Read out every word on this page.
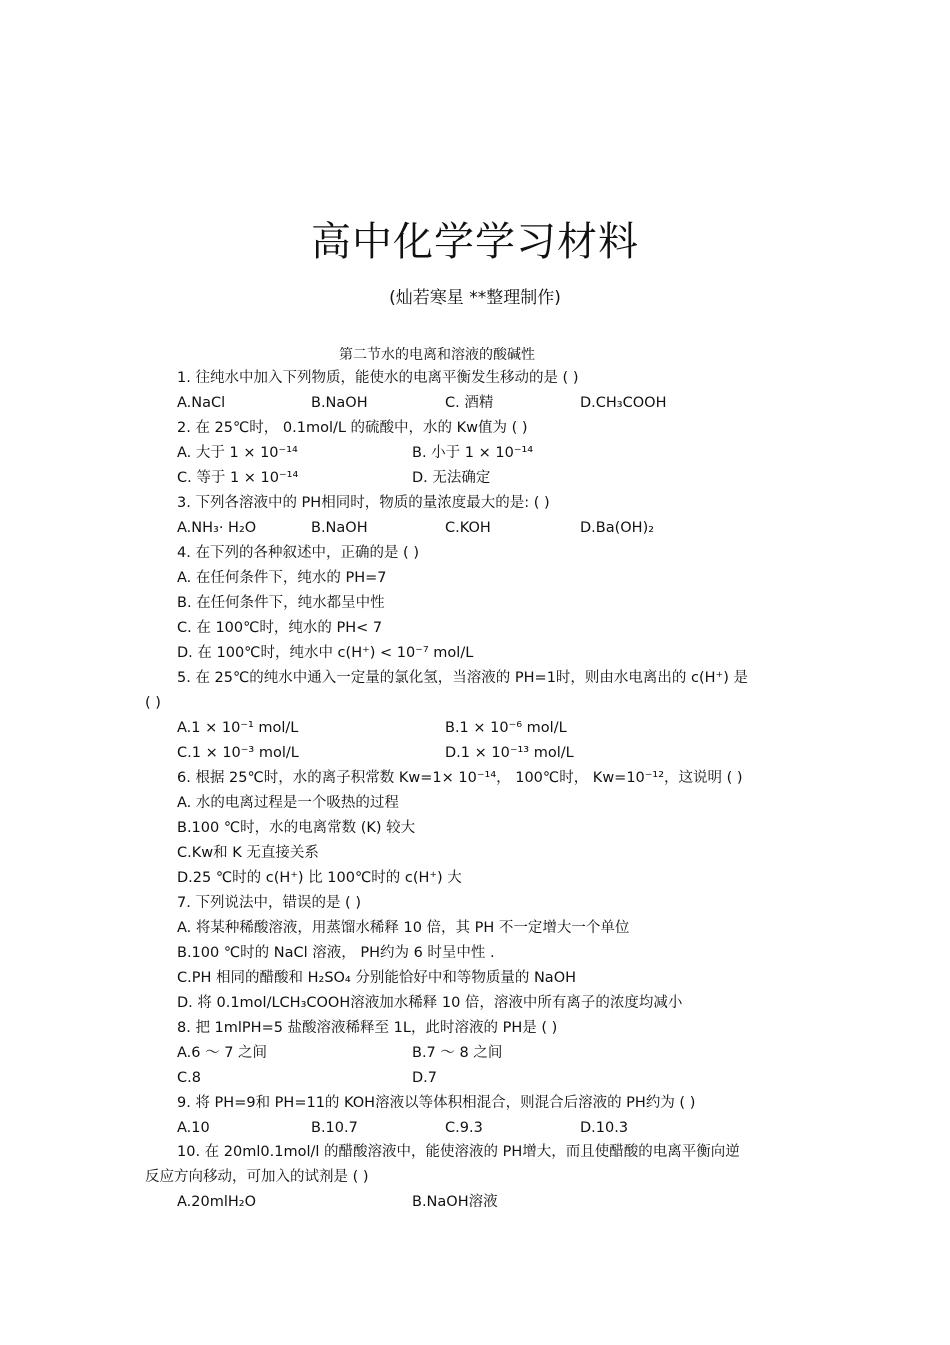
高中化学学习材料
(灿若寒星 **整理制作)
第二节水的电离和溶液的酸碱性
1. 往纯水中加入下列物质，能使水的电离平衡发生移动的是 ( )
A.NaCl	B.NaOH	C. 酒精	D.CH₃COOH
2. 在 25℃时， 0.1mol/L 的硫酸中，水的 Kw值为 ( )
A. 大于 1 × 10⁻¹⁴	B. 小于 1 × 10⁻¹⁴
C. 等于 1 × 10⁻¹⁴	D. 无法确定
3. 下列各溶液中的 PH相同时，物质的量浓度最大的是: ( )
A.NH₃· H₂O	B.NaOH	C.KOH	D.Ba(OH)₂
4. 在下列的各种叙述中，正确的是 ( )
A. 在任何条件下，纯水的 PH=7
B. 在任何条件下，纯水都呈中性
C. 在 100℃时，纯水的 PH< 7
D. 在 100℃时，纯水中 c(H⁺) < 10⁻⁷ mol/L
5. 在 25℃的纯水中通入一定量的氯化氢，当溶液的 PH=1时，则由水电离出的 c(H⁺) 是
( )
A.1 × 10⁻¹ mol/L	B.1 × 10⁻⁶ mol/L
C.1 × 10⁻³ mol/L	D.1 × 10⁻¹³ mol/L
6. 根据 25℃时，水的离子积常数 Kw=1× 10⁻¹⁴， 100℃时， Kw=10⁻¹²，这说明 ( )
A. 水的电离过程是一个吸热的过程
B.100 ℃时，水的电离常数 (K) 较大
C.Kw和 K 无直接关系
D.25 ℃时的 c(H⁺) 比 100℃时的 c(H⁺) 大
7. 下列说法中，错误的是 ( )
A. 将某种稀酸溶液，用蒸馏水稀释 10 倍，其 PH 不一定增大一个单位
B.100 ℃时的 NaCl 溶液， PH约为 6 时呈中性 .
C.PH 相同的醋酸和 H₂SO₄ 分别能恰好中和等物质量的 NaOH
D. 将 0.1mol/LCH₃COOH溶液加水稀释 10 倍，溶液中所有离子的浓度均减小
8. 把 1mlPH=5 盐酸溶液稀释至 1L，此时溶液的 PH是 ( )
A.6 ～ 7 之间	B.7 ～ 8 之间
C.8	D.7
9. 将 PH=9和 PH=11的 KOH溶液以等体积相混合，则混合后溶液的 PH约为 ( )
A.10	B.10.7	C.9.3	D.10.3
10. 在 20ml0.1mol/l 的醋酸溶液中，能使溶液的 PH增大，而且使醋酸的电离平衡向逆
反应方向移动，可加入的试剂是 ( )
A.20mlH₂O	B.NaOH溶液
